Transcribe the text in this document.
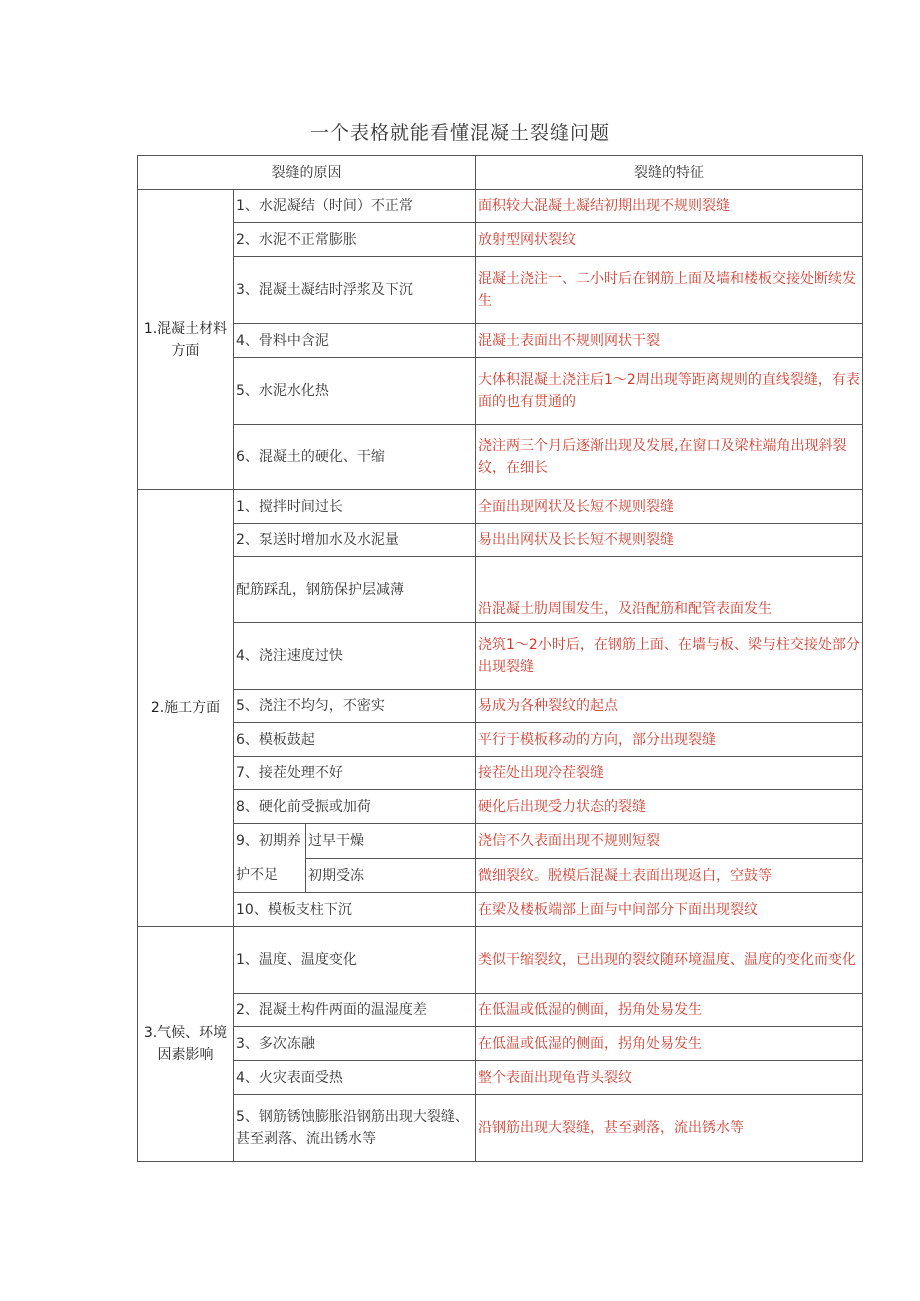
一个表格就能看懂混凝土裂缝问题
裂缝的原因			裂缝的特征
1.混凝土材料方面	1、水泥凝结（时间）不正常		面积较大混凝土凝结初期出现不规则裂缝
	2、水泥不正常膨胀		放射型网状裂纹
	3、混凝土凝结时浮浆及下沉		混凝土浇注一、二小时后在钢筋上面及墙和楼板交接处断续发生
	4、骨料中含泥		混凝土表面出不规则网状干裂
	5、水泥水化热		大体积混凝土浇注后1～2周出现等距离规则的直线裂缝，有表面的也有贯通的
	6、混凝土的硬化、干缩		浇注两三个月后逐渐出现及发展,在窗口及梁柱端角出现斜裂纹，在细长
2.施工方面	1、搅拌时间过长		全面出现网状及长短不规则裂缝
	2、泵送时增加水及水泥量		易出出网状及长长短不规则裂缝
	配筋踩乱，钢筋保护层减薄		沿混凝土肋周围发生，及沿配筋和配管表面发生
	4、浇注速度过快		浇筑1～2小时后，在钢筋上面、在墙与板、梁与柱交接处部分出现裂缝
	5、浇注不均匀，不密实		易成为各种裂纹的起点
	6、模板鼓起		平行于模板移动的方向，部分出现裂缝
	7、接茬处理不好		接茬处出现冷茬裂缝
	8、硬化前受振或加荷		硬化后出现受力状态的裂缝
	9、初期养护不足	过早干燥	浇信不久表面出现不规则短裂
		初期受冻	微细裂纹。脱模后混凝土表面出现返白，空鼓等
	10、模板支柱下沉		在梁及楼板端部上面与中间部分下面出现裂纹
3.气候、环境因素影响	1、温度、温度变化		类似干缩裂纹，已出现的裂纹随环境温度、温度的变化而变化
	2、混凝土构件两面的温湿度差		在低温或低湿的侧面，拐角处易发生
	3、多次冻融		在低温或低湿的侧面，拐角处易发生
	4、火灾表面受热		整个表面出现龟背头裂纹
	5、钢筋锈蚀膨胀沿钢筋出现大裂缝、甚至剥落、流出锈水等		沿钢筋出现大裂缝，甚至剥落，流出锈水等
